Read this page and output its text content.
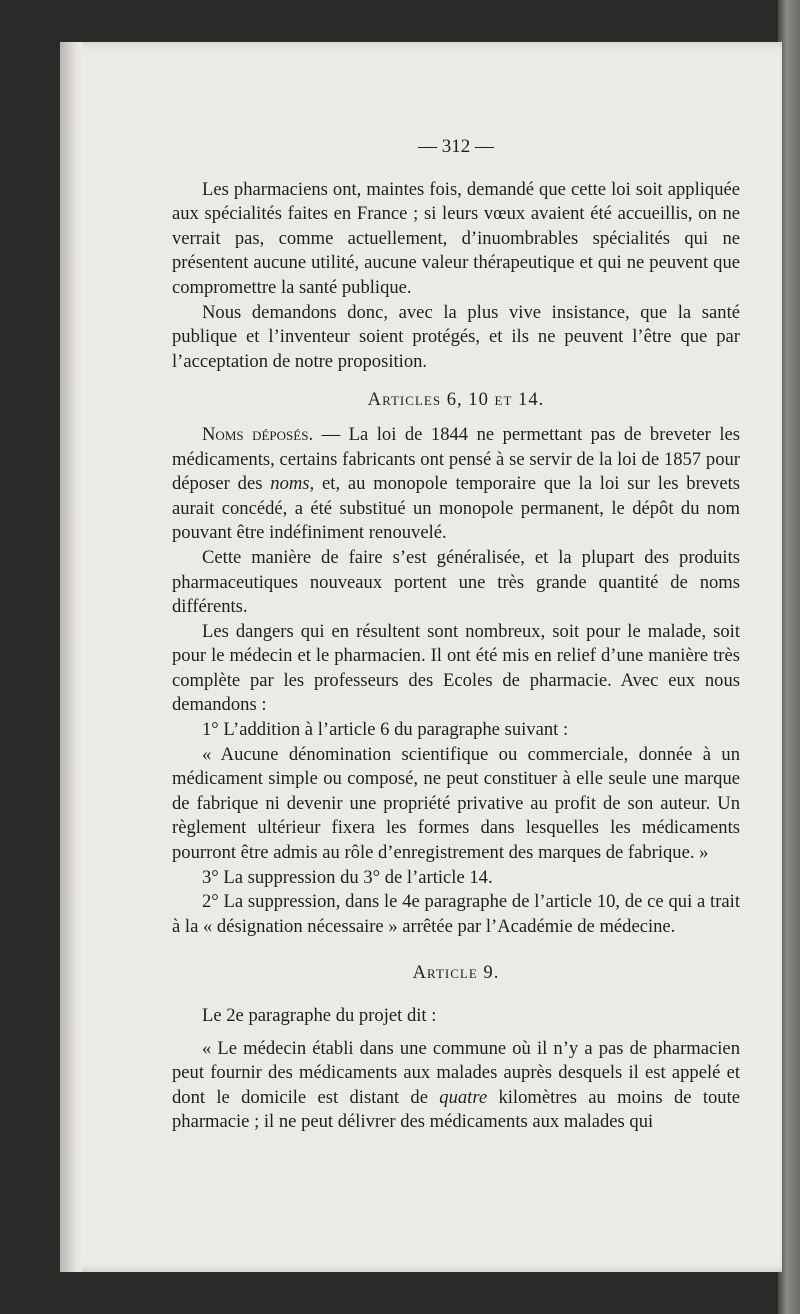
— 312 —

Les pharmaciens ont, maintes fois, demandé que cette loi soit appliquée aux spécialités faites en France ; si leurs vœux avaient été accueillis, on ne verrait pas, comme actuellement, d’inuombrables spécialités qui ne présentent aucune utilité, aucune valeur thérapeutique et qui ne peuvent que compromettre la santé publique.

Nous demandons donc, avec la plus vive insistance, que la santé publique et l’inventeur soient protégés, et ils ne peuvent l’être que par l’acceptation de notre proposition.

Articles 6, 10 et 14.

Noms déposés. — La loi de 1844 ne permettant pas de breveter les médicaments, certains fabricants ont pensé à se servir de la loi de 1857 pour déposer des noms, et, au monopole temporaire que la loi sur les brevets aurait concédé, a été substitué un monopole permanent, le dépôt du nom pouvant être indéfiniment renouvelé.

Cette manière de faire s’est généralisée, et la plupart des produits pharmaceutiques nouveaux portent une très grande quantité de noms différents.

Les dangers qui en résultent sont nombreux, soit pour le malade, soit pour le médecin et le pharmacien. Il ont été mis en relief d’une manière très complète par les professeurs des Ecoles de pharmacie. Avec eux nous demandons :

1° L’addition à l’article 6 du paragraphe suivant :

« Aucune dénomination scientifique ou commerciale, donnée à un médicament simple ou composé, ne peut constituer à elle seule une marque de fabrique ni devenir une propriété privative au profit de son auteur. Un règlement ultérieur fixera les formes dans lesquelles les médicaments pourront être admis au rôle d’enregistrement des marques de fabrique. »

3° La suppression du 3° de l’article 14.

2° La suppression, dans le 4e paragraphe de l’article 10, de ce qui a trait à la « désignation nécessaire » arrêtée par l’Académie de médecine.

Article 9.

Le 2e paragraphe du projet dit :

« Le médecin établi dans une commune où il n’y a pas de pharmacien peut fournir des médicaments aux malades auprès desquels il est appelé et dont le domicile est distant de quatre kilomètres au moins de toute pharmacie ; il ne peut délivrer des médicaments aux malades qui
